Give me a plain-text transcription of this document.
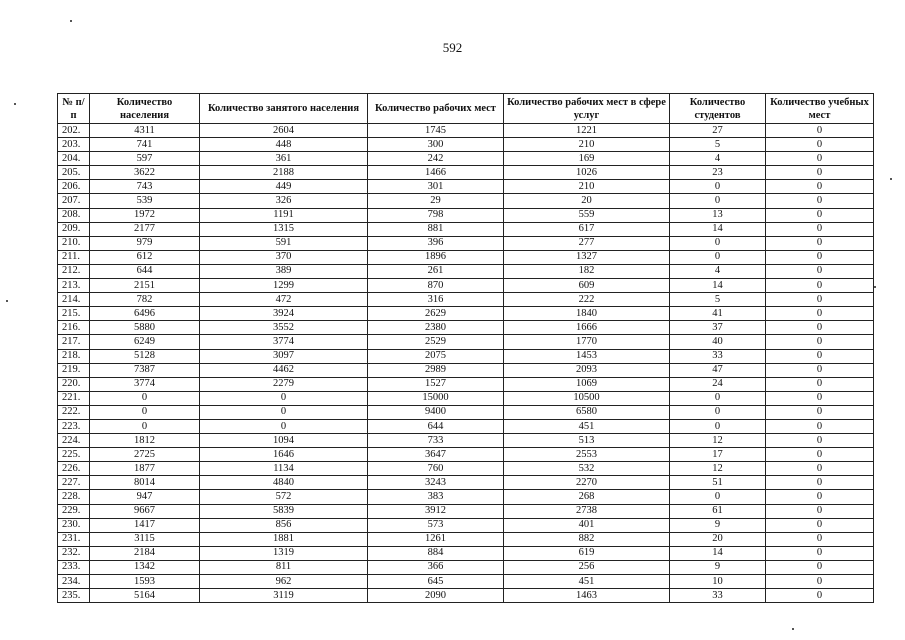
592
№ п/п	Количество населения	Количество занятого населения	Количество рабочих мест	Количество рабочих мест в сфере услуг	Количество студентов	Количество учебных мест
202.	4311	2604	1745	1221	27	0
203.	741	448	300	210	5	0
204.	597	361	242	169	4	0
205.	3622	2188	1466	1026	23	0
206.	743	449	301	210	0	0
207.	539	326	29	20	0	0
208.	1972	1191	798	559	13	0
209.	2177	1315	881	617	14	0
210.	979	591	396	277	0	0
211.	612	370	1896	1327	0	0
212.	644	389	261	182	4	0
213.	2151	1299	870	609	14	0
214.	782	472	316	222	5	0
215.	6496	3924	2629	1840	41	0
216.	5880	3552	2380	1666	37	0
217.	6249	3774	2529	1770	40	0
218.	5128	3097	2075	1453	33	0
219.	7387	4462	2989	2093	47	0
220.	3774	2279	1527	1069	24	0
221.	0	0	15000	10500	0	0
222.	0	0	9400	6580	0	0
223.	0	0	644	451	0	0
224.	1812	1094	733	513	12	0
225.	2725	1646	3647	2553	17	0
226.	1877	1134	760	532	12	0
227.	8014	4840	3243	2270	51	0
228.	947	572	383	268	0	0
229.	9667	5839	3912	2738	61	0
230.	1417	856	573	401	9	0
231.	3115	1881	1261	882	20	0
232.	2184	1319	884	619	14	0
233.	1342	811	366	256	9	0
234.	1593	962	645	451	10	0
235.	5164	3119	2090	1463	33	0
